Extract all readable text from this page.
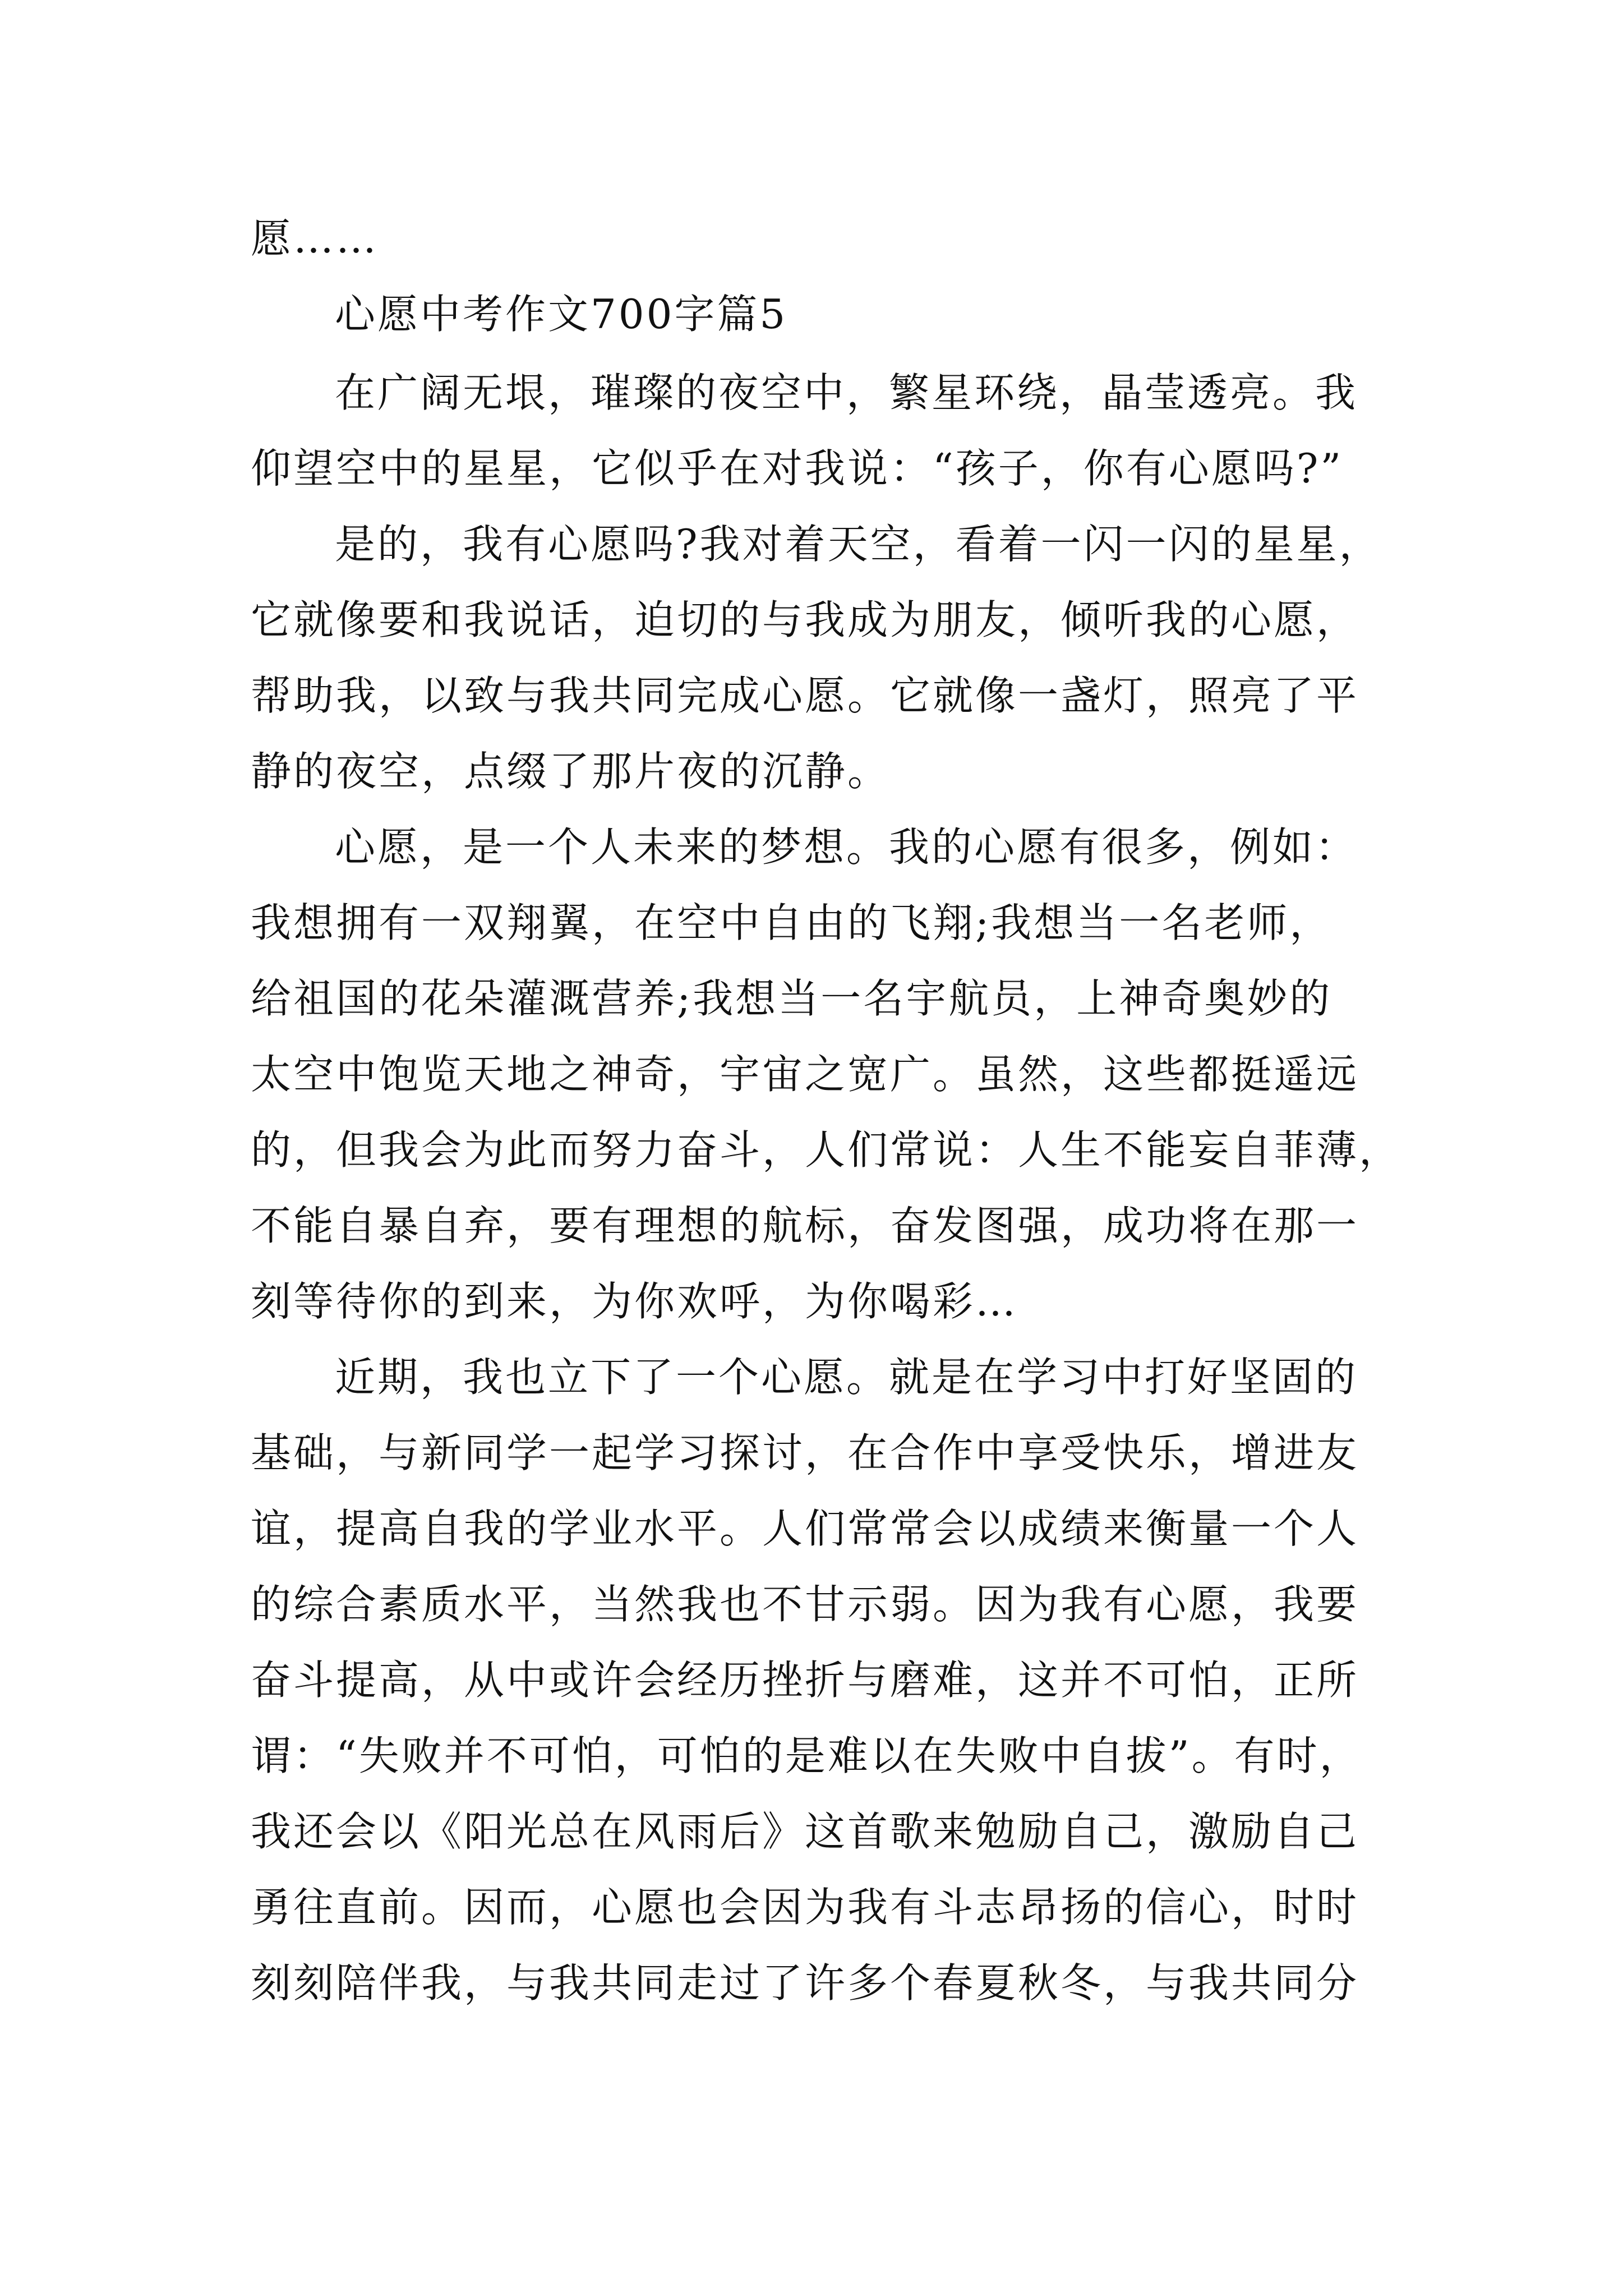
愿……
心愿中考作文700字篇5
在广阔无垠，璀璨的夜空中，繁星环绕，晶莹透亮。我
仰望空中的星星，它似乎在对我说：“孩子，你有心愿吗?”
是的，我有心愿吗?我对着天空，看着一闪一闪的星星，
它就像要和我说话，迫切的与我成为朋友，倾听我的心愿，
帮助我，以致与我共同完成心愿。它就像一盏灯，照亮了平
静的夜空，点缀了那片夜的沉静。
心愿，是一个人未来的梦想。我的心愿有很多，例如：
我想拥有一双翔翼，在空中自由的飞翔;我想当一名老师，
给祖国的花朵灌溉营养;我想当一名宇航员，上神奇奥妙的
太空中饱览天地之神奇，宇宙之宽广。虽然，这些都挺遥远
的，但我会为此而努力奋斗，人们常说：人生不能妄自菲薄，
不能自暴自弃，要有理想的航标，奋发图强，成功将在那一
刻等待你的到来，为你欢呼，为你喝彩…
近期，我也立下了一个心愿。就是在学习中打好坚固的
基础，与新同学一起学习探讨，在合作中享受快乐，增进友
谊，提高自我的学业水平。人们常常会以成绩来衡量一个人
的综合素质水平，当然我也不甘示弱。因为我有心愿，我要
奋斗提高，从中或许会经历挫折与磨难，这并不可怕，正所
谓：“失败并不可怕，可怕的是难以在失败中自拔”。有时，
我还会以《阳光总在风雨后》这首歌来勉励自己，激励自己
勇往直前。因而，心愿也会因为我有斗志昂扬的信心，时时
刻刻陪伴我，与我共同走过了许多个春夏秋冬，与我共同分
